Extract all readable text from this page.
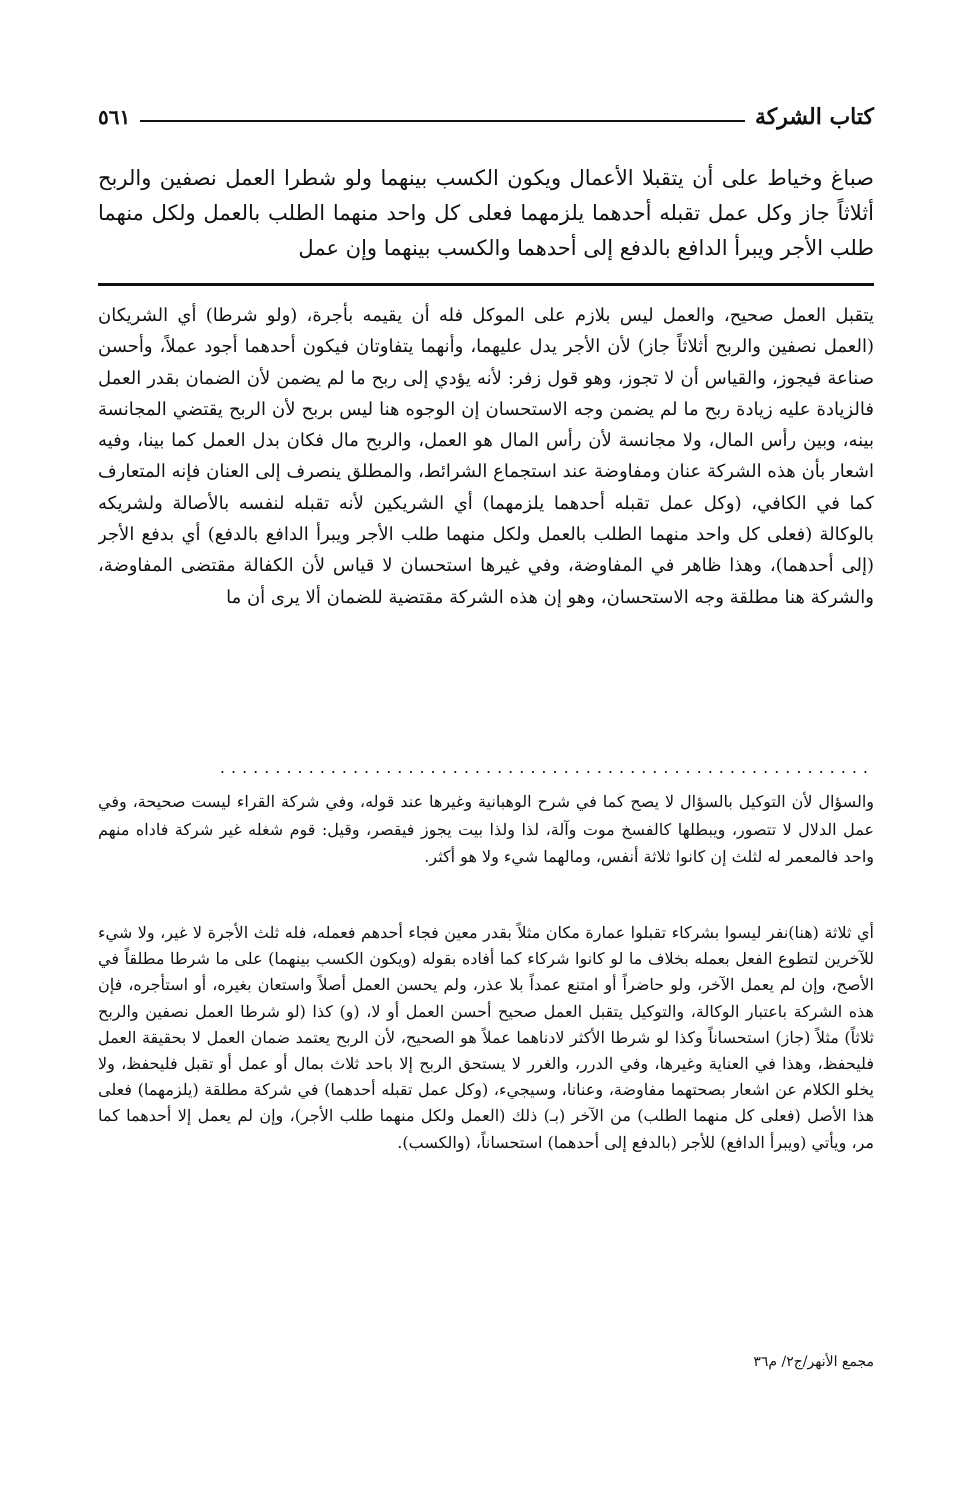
كتاب الشركة
٥٦١
صباغ وخياط على أن يتقبلا الأعمال ويكون الكسب بينهما ولو شطرا العمل نصفين والربح أثلاثاً جاز وكل عمل تقبله أحدهما يلزمهما فعلى كل واحد منهما الطلب بالعمل ولكل منهما طلب الأجر ويبرأ الدافع بالدفع إلى أحدهما والكسب بينهما وإن عمل
يتقبل العمل صحيح، والعمل ليس بلازم على الموكل فله أن يقيمه بأجرة، (ولو شرطا) أي الشريكان (العمل نصفين والربح أثلاثاً جاز) لأن الأجر يدل عليهما، وأنهما يتفاوتان فيكون أحدهما أجود عملاً، وأحسن صناعة فيجوز، والقياس أن لا تجوز، وهو قول زفر: لأنه يؤدي إلى ربح ما لم يضمن لأن الضمان بقدر العمل فالزيادة عليه زيادة ربح ما لم يضمن وجه الاستحسان إن الوجوه هنا ليس بربح لأن الربح يقتضي المجانسة بينه، وبين رأس المال، ولا مجانسة لأن رأس المال هو العمل، والربح مال فكان بدل العمل كما بينا، وفيه اشعار بأن هذه الشركة عنان ومفاوضة عند استجماع الشرائط، والمطلق ينصرف إلى العنان فإنه المتعارف كما في الكافي، (وكل عمل تقبله أحدهما يلزمهما) أي الشريكين لأنه تقبله لنفسه بالأصالة ولشريكه بالوكالة (فعلى كل واحد منهما الطلب بالعمل ولكل منهما طلب الأجر ويبرأ الدافع بالدفع) أي بدفع الأجر (إلى أحدهما)، وهذا ظاهر في المفاوضة، وفي غيرها استحسان لا قياس لأن الكفالة مقتضى المفاوضة، والشركة هنا مطلقة وجه الاستحسان، وهو إن هذه الشركة مقتضية للضمان ألا يرى أن ما
...........................................................
والسؤال لأن التوكيل بالسؤال لا يصح كما في شرح الوهبانية وغيرها عند قوله، وفي شركة القراء ليست صحيحة، وفي عمل الدلال لا تتصور، ويبطلها كالفسخ موت وآلة، لذا ولذا بيت يجوز فيقصر، وقيل: قوم شغله غير شركة فاداه منهم واحد فالمعمر له لثلث إن كانوا ثلاثة أنفس، ومالهما شيء ولا هو أكثر.
أي ثلاثة (هنا)نفر ليسوا بشركاء تقبلوا عمارة مكان مثلاً بقدر معين فجاء أحدهم فعمله، فله ثلث الأجرة لا غير، ولا شيء للآخرين لتطوع الفعل بعمله بخلاف ما لو كانوا شركاء كما أفاده بقوله (ويكون الكسب بينهما) على ما شرطا مطلقاً في الأصح، وإن لم يعمل الآخر، ولو حاضراً أو امتنع عمداً بلا عذر، ولم يحسن العمل أصلاً واستعان بغيره، أو استأجره، فإن هذه الشركة باعتبار الوكالة، والتوكيل يتقبل العمل صحيح أحسن العمل أو لا، (و) كذا (لو شرطا العمل نصفين والربح ثلاثاً) مثلاً (جاز) استحساناً وكذا لو شرطا الأكثر لادناهما عملاً هو الصحيح، لأن الربح يعتمد ضمان العمل لا بحقيقة العمل فليحفظ، وهذا في العناية وغيرها، وفي الدرر، والغرر لا يستحق الربح إلا باحد ثلاث بمال أو عمل أو تقبل فليحفظ، ولا يخلو الكلام عن اشعار بصحتهما مفاوضة، وعنانا، وسيجيء، (وكل عمل تقبله أحدهما) في شركة مطلقة (يلزمهما) فعلى هذا الأصل (فعلى كل منهما الطلب) من الآخر (بـ) ذلك (العمل ولكل منهما طلب الأجر)، وإن لم يعمل إلا أحدهما كما مر، ويأتي (ويبرأ الدافع) للأجر (بالدفع إلى أحدهما) استحساناً، (والكسب).
مجمع الأنهر/ج٢/ م٣٦
